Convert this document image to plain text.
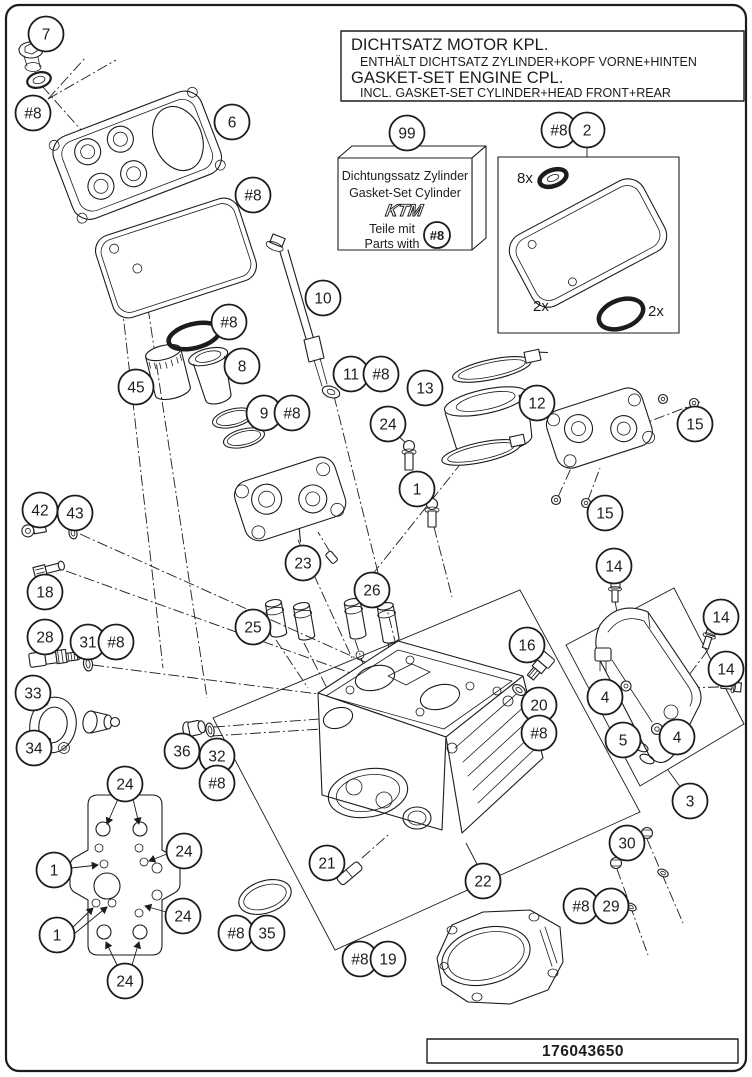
DICHTSATZ MOTOR KPL.
ENTHÄLT DICHTSATZ ZYLINDER+KOPF VORNE+HINTEN
GASKET-SET ENGINE CPL.
INCL. GASKET-SET CYLINDER+HEAD FRONT+REAR
Dichtungssatz Zylinder
Gasket-Set Cylinder
KTM
Teile mit
Parts with
#8
8x
2x	2x
176043650
7
#8
6
#8
99	#8 2
10
#8
45
8
9 #8
11 #8
13
12
15
15
24
1
42 43
18
28 31 #8
33
34
23
25
26
36 32
#8
16
20
#8
14
14
14
4
5	4
3
24
1
1
24
24
24
21
22
#8 35
#8 19
30
#8 29
